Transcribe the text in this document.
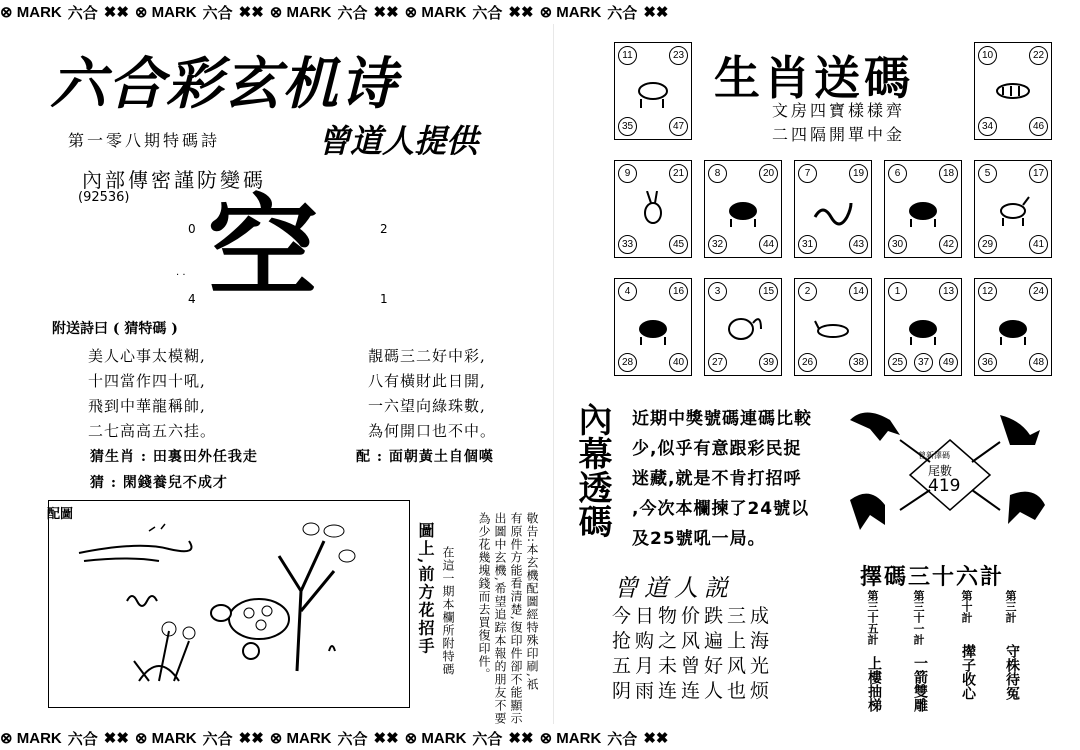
⊗ MARK 六合 ✖✖ ⊗ MARK 六合 ✖✖ ⊗ MARK 六合 ✖✖ ⊗ MARK 六合 ✖✖ ⊗ MARK 六合 ✖✖
⊗ MARK 六合 ✖✖ ⊗ MARK 六合 ✖✖ ⊗ MARK 六合 ✖✖ ⊗ MARK 六合 ✖✖ ⊗ MARK 六合 ✖✖
六合彩玄机诗
第一零八期特碼詩	曾道人提供
內部傳密謹防變碼
(92536)
0	2
4	1
· · 空
附送詩曰 ( 猜特碼 )
美人心事太模糊,
十四當作四十吼,
飛到中華龍稱帥,
二七高高五六挂。
靚碼三二好中彩,
八有橫財此日開,
一六望向綠珠數,
為何開口也不中。
猜生肖 : 田裏田外任我走	配 : 面朝黃土自個嘆
猜 : 閑錢養兒不成才
配圖
圖上,前方花招手 在這一期本欄所附特碼 為少花幾塊錢而去買復印件。 出圖中玄機,希望追踪本報的朋友不要 有原件方能看清楚,復印件卻不能顯示 敬告:本玄機配圖經特殊印刷,祇
生肖送碼
文房四寶樣樣齊
二四隔開單中金
11	23
35	47
10	22
34	46
9	21
33	45
8	20
32	44
7	19
31	43
6	18
30	42
5	17
29	41
4	16
28	40
3	15
27	39
2	14
26	38
1	13
25	37	49
12	24
36	48
內幕透碼 近期中獎號碼連碼比較
少,似乎有意跟彩民捉
迷藏,就是不肯打招呼
,今次本欄揀了24號以
及25號吼一局。
曾新澤碼
尾數
419
曾道人説
今日物价跌三成
抢购之风遍上海
五月未曾好风光
阴雨连连人也烦
擇碼三十六計
第三十五計
上樓抽梯
第三十一計
一箭雙雕
第十計
撵子收心
第三計
守株待冤
